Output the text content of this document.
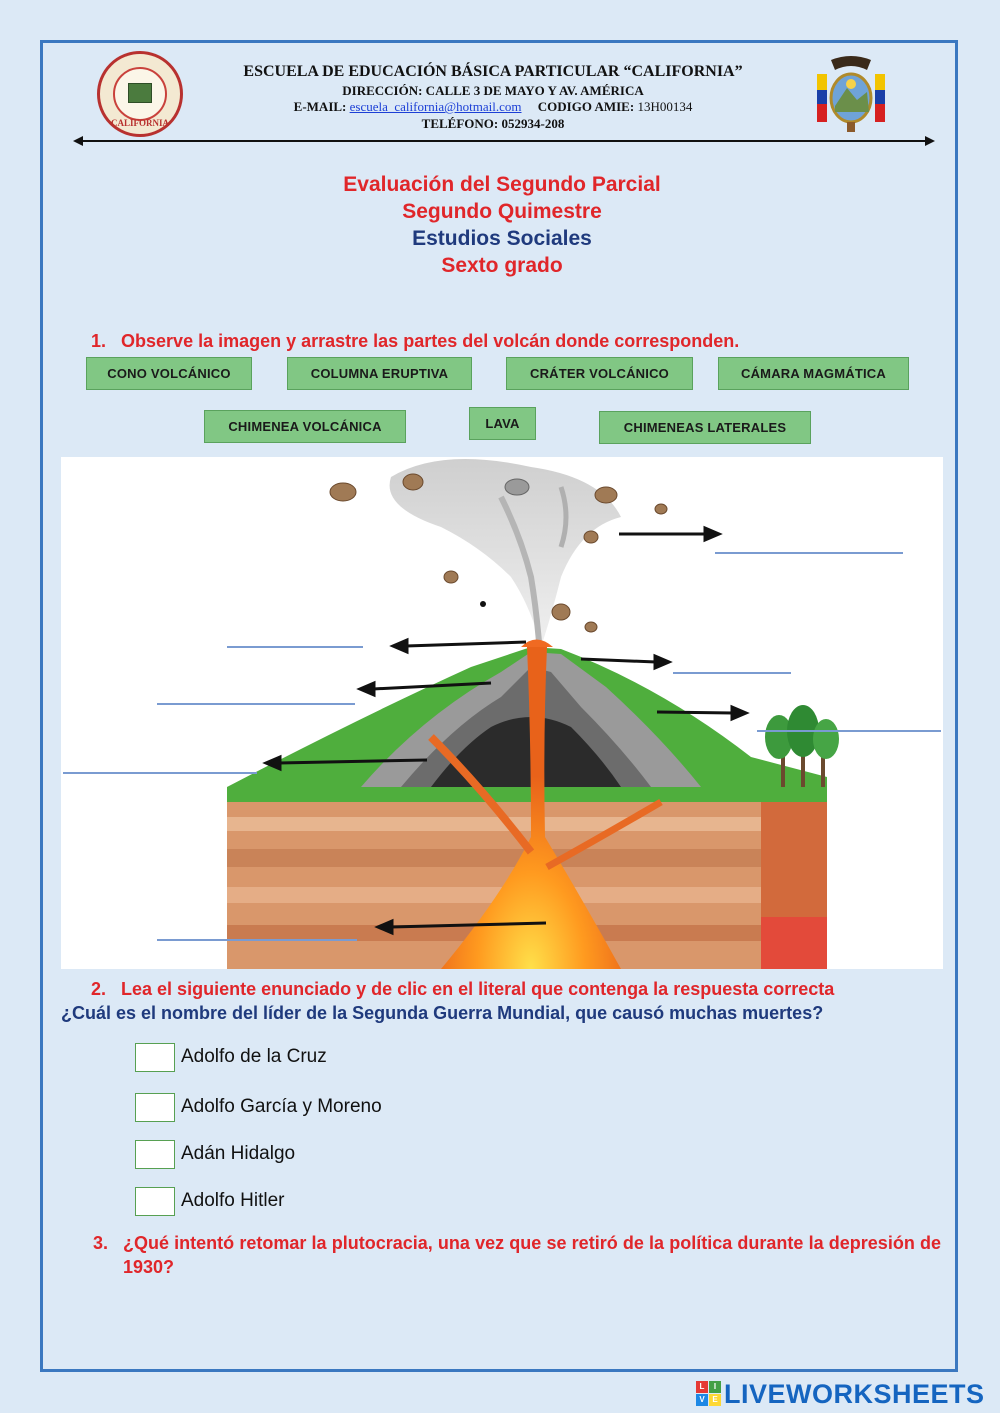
CALIFORNIA
ESCUELA DE EDUCACIÓN BÁSICA PARTICULAR “CALIFORNIA”
DIRECCIÓN: CALLE 3 DE MAYO Y AV. AMÉRICA
E-MAIL: escuela_california@hotmail.com CODIGO AMIE: 13H00134
TELÉFONO: 052934-208
Evaluación del Segundo Parcial
Segundo Quimestre
Estudios Sociales
Sexto grado
1. Observe la imagen y arrastre las partes del volcán donde corresponden.
CONO VOLCÁNICO	COLUMNA ERUPTIVA	CRÁTER VOLCÁNICO	CÁMARA MAGMÁTICA
CHIMENEA VOLCÁNICA	LAVA	CHIMENEAS LATERALES
2. Lea el siguiente enunciado y de clic en el literal que contenga la respuesta correcta
¿Cuál es el nombre del líder de la Segunda Guerra Mundial, que causó muchas muertes?
Adolfo de la Cruz
Adolfo García y Moreno
Adán Hidalgo
Adolfo Hitler
3. ¿Qué intentó retomar la plutocracia, una vez que se retiró de la política durante la depresión de 1930?
L	I
V E LIVEWORKSHEETS
